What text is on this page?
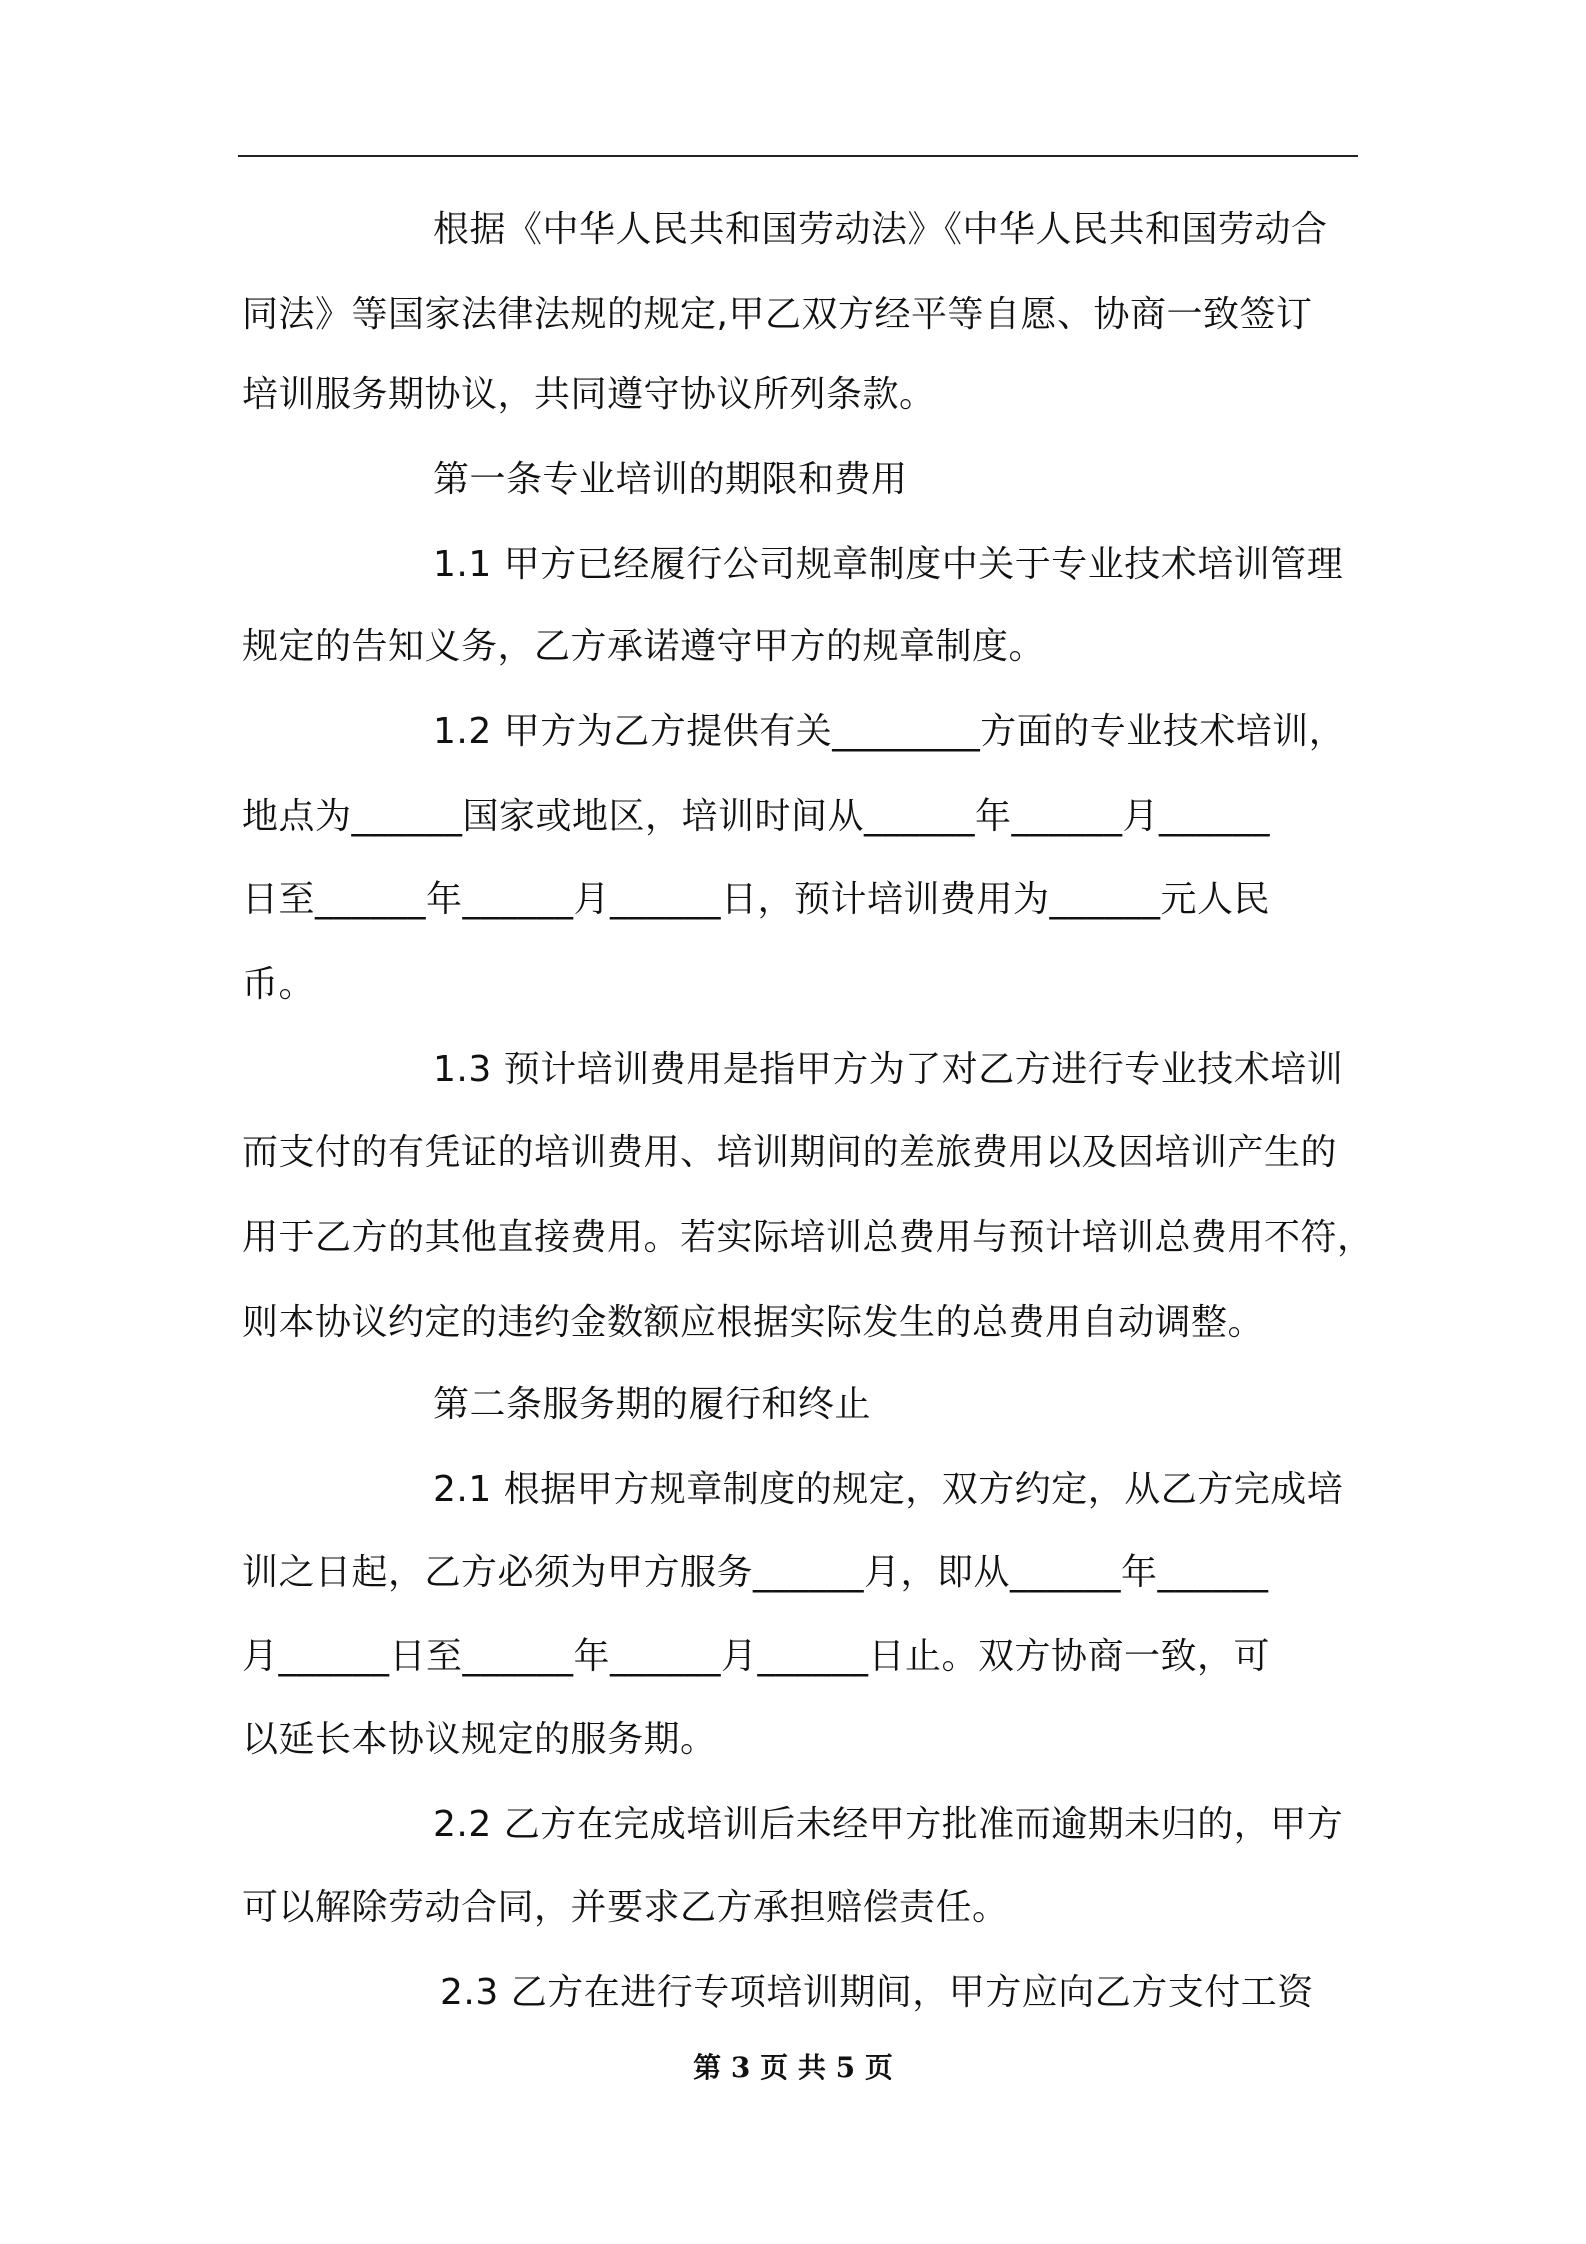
根据《中华人民共和国劳动法》《中华人民共和国劳动合
同法》等国家法律法规的规定,甲乙双方经平等自愿、协商一致签订
培训服务期协议，共同遵守协议所列条款。
第一条专业培训的期限和费用
1.1 甲方已经履行公司规章制度中关于专业技术培训管理
规定的告知义务，乙方承诺遵守甲方的规章制度。
1.2 甲方为乙方提供有关________方面的专业技术培训，
地点为______国家或地区，培训时间从______年______月______
日至______年______月______日，预计培训费用为______元人民
币。
1.3 预计培训费用是指甲方为了对乙方进行专业技术培训
而支付的有凭证的培训费用、培训期间的差旅费用以及因培训产生的
用于乙方的其他直接费用。若实际培训总费用与预计培训总费用不符，
则本协议约定的违约金数额应根据实际发生的总费用自动调整。
第二条服务期的履行和终止
2.1 根据甲方规章制度的规定，双方约定，从乙方完成培
训之日起，乙方必须为甲方服务______月，即从______年______
月______日至______年______月______日止。双方协商一致，可
以延长本协议规定的服务期。
2.2 乙方在完成培训后未经甲方批准而逾期未归的，甲方
可以解除劳动合同，并要求乙方承担赔偿责任。
2.3 乙方在进行专项培训期间，甲方应向乙方支付工资
第 3 页 共 5 页
